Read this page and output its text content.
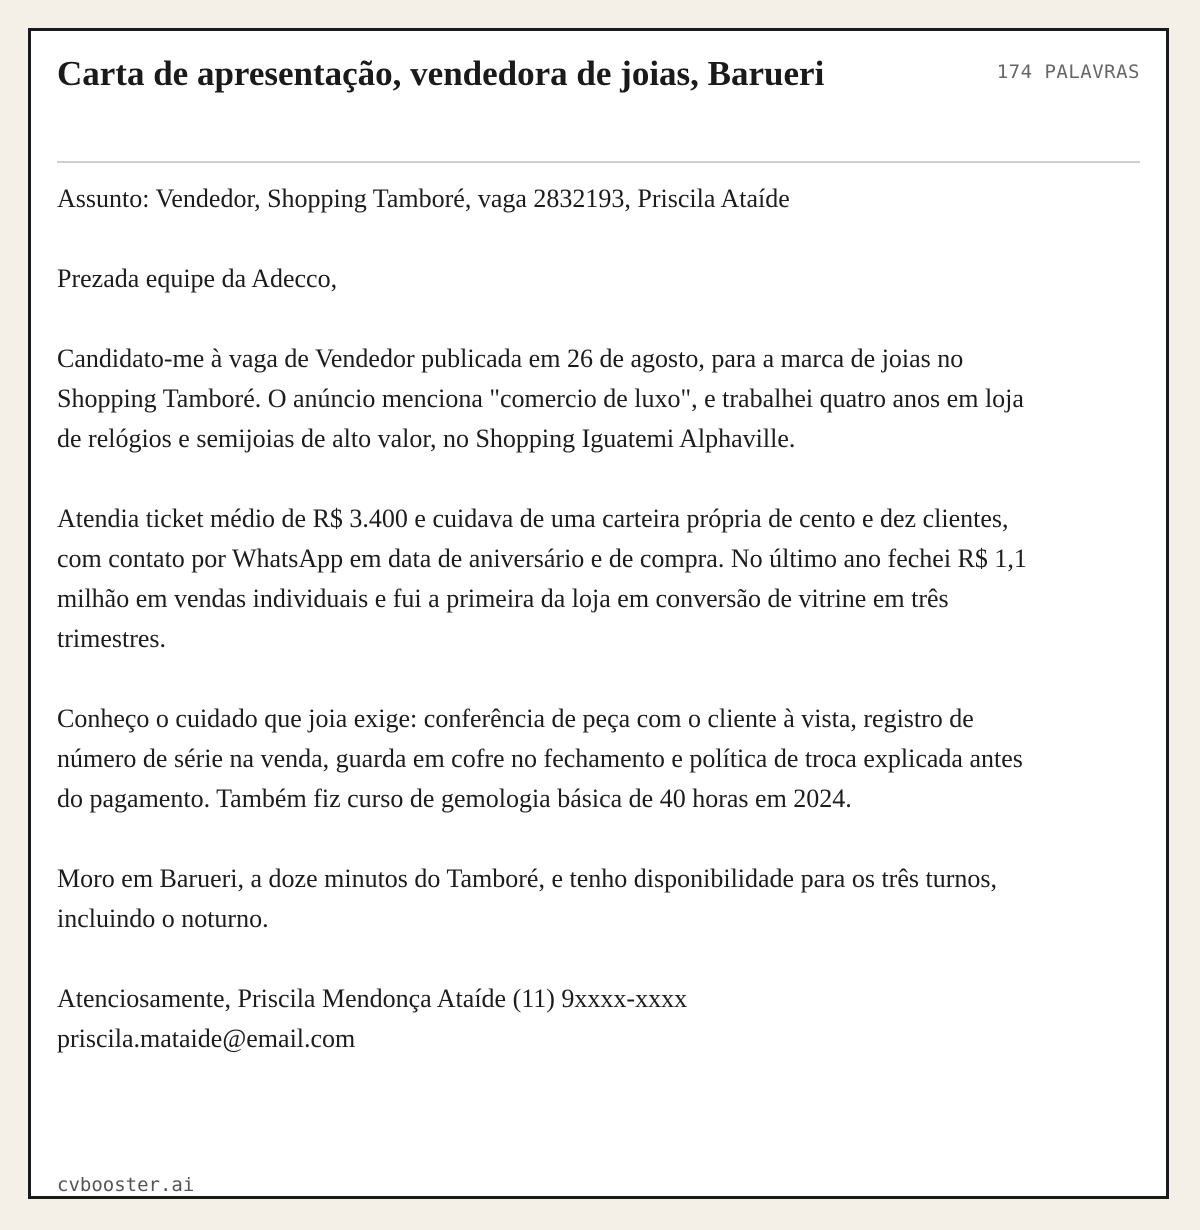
Carta de apresentação, vendedora de joias, Barueri	174 PALAVRAS

Assunto: Vendedor, Shopping Tamboré, vaga 2832193, Priscila Ataíde

Prezada equipe da Adecco,

Candidato-me à vaga de Vendedor publicada em 26 de agosto, para a marca de joias no Shopping Tamboré. O anúncio menciona "comercio de luxo", e trabalhei quatro anos em loja de relógios e semijoias de alto valor, no Shopping Iguatemi Alphaville.

Atendia ticket médio de R$ 3.400 e cuidava de uma carteira própria de cento e dez clientes, com contato por WhatsApp em data de aniversário e de compra. No último ano fechei R$ 1,1 milhão em vendas individuais e fui a primeira da loja em conversão de vitrine em três trimestres.

Conheço o cuidado que joia exige: conferência de peça com o cliente à vista, registro de número de série na venda, guarda em cofre no fechamento e política de troca explicada antes do pagamento. Também fiz curso de gemologia básica de 40 horas em 2024.

Moro em Barueri, a doze minutos do Tamboré, e tenho disponibilidade para os três turnos, incluindo o noturno.

Atenciosamente, Priscila Mendonça Ataíde (11) 9xxxx-xxxx priscila.mataide@email.com

cvbooster.ai
